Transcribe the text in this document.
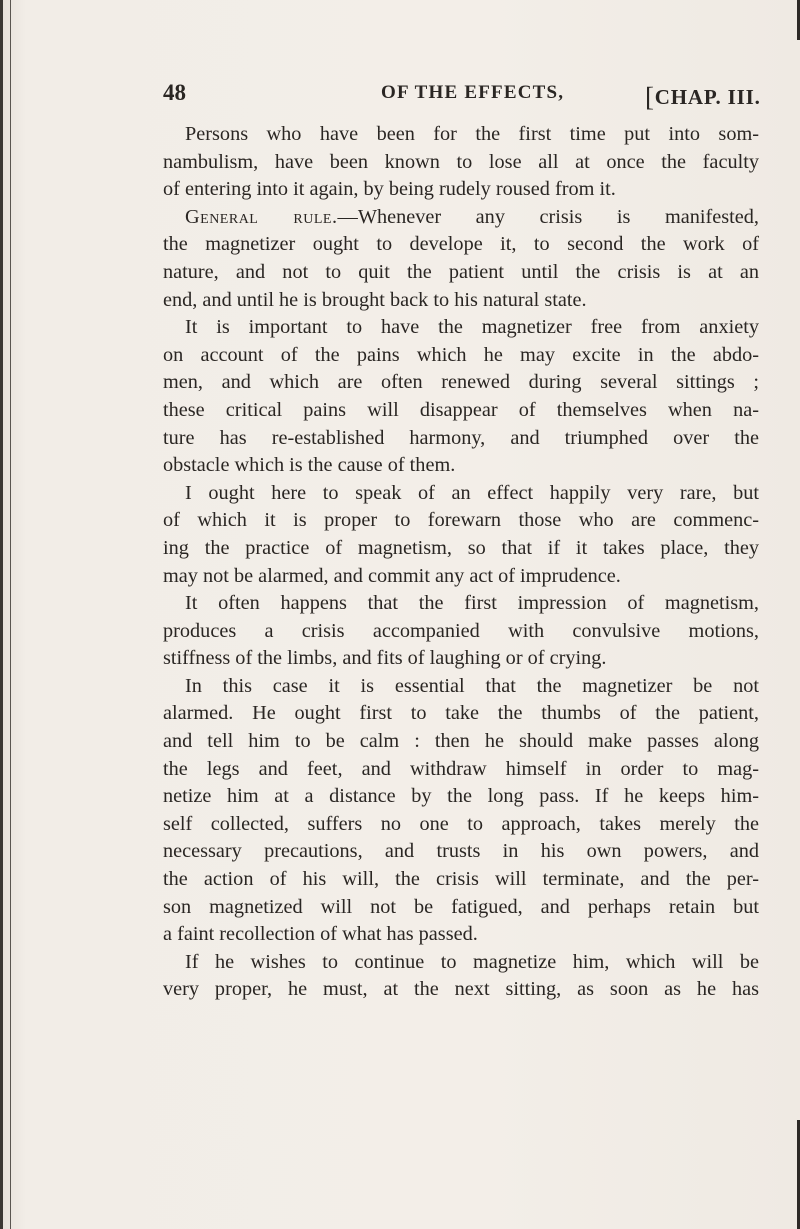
48	OF THE EFFECTS,	[CHAP. III.
Persons who have been for the first time put into som-
nambulism, have been known to lose all at once the faculty
of entering into it again, by being rudely roused from it.
General rule.—Whenever any crisis is manifested,
the magnetizer ought to develope it, to second the work of
nature, and not to quit the patient until the crisis is at an
end, and until he is brought back to his natural state.
It is important to have the magnetizer free from anxiety
on account of the pains which he may excite in the abdo-
men, and which are often renewed during several sittings ;
these critical pains will disappear of themselves when na-
ture has re-established harmony, and triumphed over the
obstacle which is the cause of them.
I ought here to speak of an effect happily very rare, but
of which it is proper to forewarn those who are commenc-
ing the practice of magnetism, so that if it takes place, they
may not be alarmed, and commit any act of imprudence.
It often happens that the first impression of magnetism,
produces a crisis accompanied with convulsive motions,
stiffness of the limbs, and fits of laughing or of crying.
In this case it is essential that the magnetizer be not
alarmed. He ought first to take the thumbs of the patient,
and tell him to be calm : then he should make passes along
the legs and feet, and withdraw himself in order to mag-
netize him at a distance by the long pass. If he keeps him-
self collected, suffers no one to approach, takes merely the
necessary precautions, and trusts in his own powers, and
the action of his will, the crisis will terminate, and the per-
son magnetized will not be fatigued, and perhaps retain but
a faint recollection of what has passed.
If he wishes to continue to magnetize him, which will be
very proper, he must, at the next sitting, as soon as he has
